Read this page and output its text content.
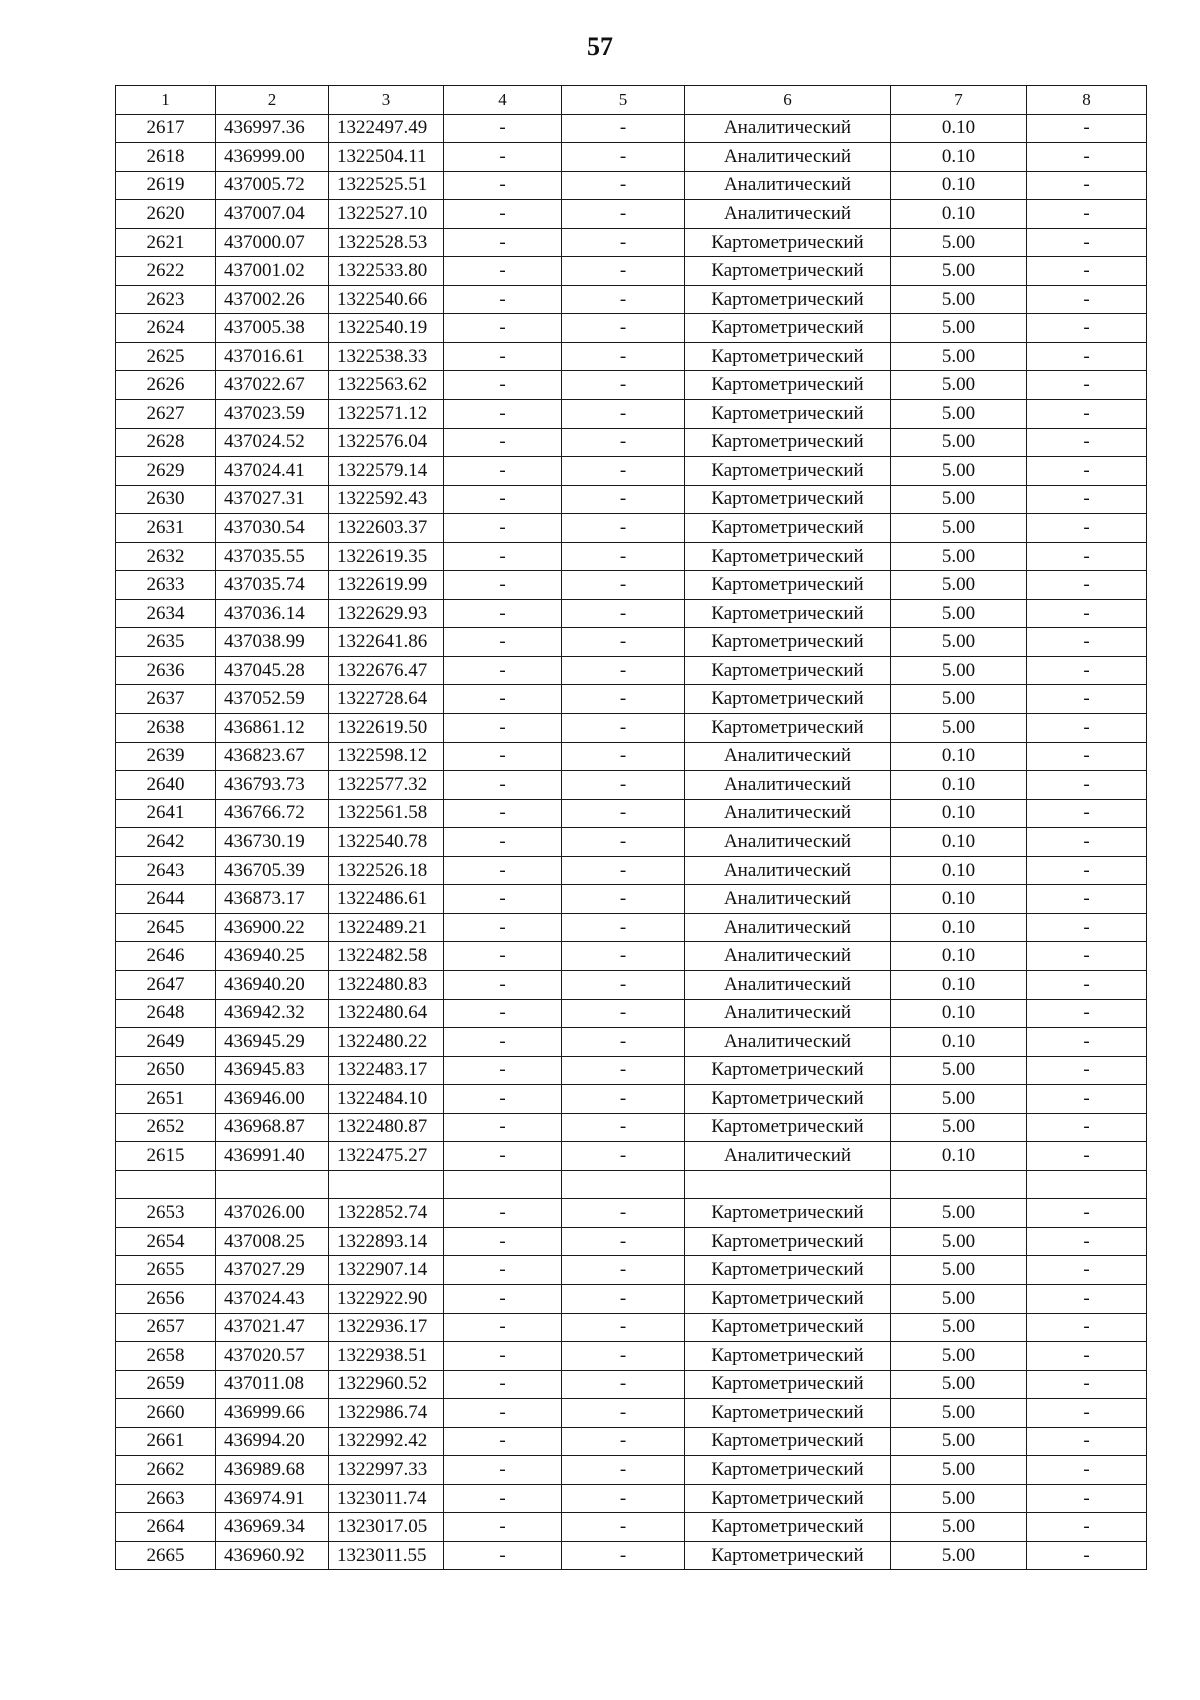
57
1	2	3	4	5	6	7	8
2617	436997.36	1322497.49	-	-	Аналитический	0.10	-
2618	436999.00	1322504.11	-	-	Аналитический	0.10	-
2619	437005.72	1322525.51	-	-	Аналитический	0.10	-
2620	437007.04	1322527.10	-	-	Аналитический	0.10	-
2621	437000.07	1322528.53	-	-	Картометрический	5.00	-
2622	437001.02	1322533.80	-	-	Картометрический	5.00	-
2623	437002.26	1322540.66	-	-	Картометрический	5.00	-
2624	437005.38	1322540.19	-	-	Картометрический	5.00	-
2625	437016.61	1322538.33	-	-	Картометрический	5.00	-
2626	437022.67	1322563.62	-	-	Картометрический	5.00	-
2627	437023.59	1322571.12	-	-	Картометрический	5.00	-
2628	437024.52	1322576.04	-	-	Картометрический	5.00	-
2629	437024.41	1322579.14	-	-	Картометрический	5.00	-
2630	437027.31	1322592.43	-	-	Картометрический	5.00	-
2631	437030.54	1322603.37	-	-	Картометрический	5.00	-
2632	437035.55	1322619.35	-	-	Картометрический	5.00	-
2633	437035.74	1322619.99	-	-	Картометрический	5.00	-
2634	437036.14	1322629.93	-	-	Картометрический	5.00	-
2635	437038.99	1322641.86	-	-	Картометрический	5.00	-
2636	437045.28	1322676.47	-	-	Картометрический	5.00	-
2637	437052.59	1322728.64	-	-	Картометрический	5.00	-
2638	436861.12	1322619.50	-	-	Картометрический	5.00	-
2639	436823.67	1322598.12	-	-	Аналитический	0.10	-
2640	436793.73	1322577.32	-	-	Аналитический	0.10	-
2641	436766.72	1322561.58	-	-	Аналитический	0.10	-
2642	436730.19	1322540.78	-	-	Аналитический	0.10	-
2643	436705.39	1322526.18	-	-	Аналитический	0.10	-
2644	436873.17	1322486.61	-	-	Аналитический	0.10	-
2645	436900.22	1322489.21	-	-	Аналитический	0.10	-
2646	436940.25	1322482.58	-	-	Аналитический	0.10	-
2647	436940.20	1322480.83	-	-	Аналитический	0.10	-
2648	436942.32	1322480.64	-	-	Аналитический	0.10	-
2649	436945.29	1322480.22	-	-	Аналитический	0.10	-
2650	436945.83	1322483.17	-	-	Картометрический	5.00	-
2651	436946.00	1322484.10	-	-	Картометрический	5.00	-
2652	436968.87	1322480.87	-	-	Картометрический	5.00	-
2615	436991.40	1322475.27	-	-	Аналитический	0.10	-

2653	437026.00	1322852.74	-	-	Картометрический	5.00	-
2654	437008.25	1322893.14	-	-	Картометрический	5.00	-
2655	437027.29	1322907.14	-	-	Картометрический	5.00	-
2656	437024.43	1322922.90	-	-	Картометрический	5.00	-
2657	437021.47	1322936.17	-	-	Картометрический	5.00	-
2658	437020.57	1322938.51	-	-	Картометрический	5.00	-
2659	437011.08	1322960.52	-	-	Картометрический	5.00	-
2660	436999.66	1322986.74	-	-	Картометрический	5.00	-
2661	436994.20	1322992.42	-	-	Картометрический	5.00	-
2662	436989.68	1322997.33	-	-	Картометрический	5.00	-
2663	436974.91	1323011.74	-	-	Картометрический	5.00	-
2664	436969.34	1323017.05	-	-	Картометрический	5.00	-
2665	436960.92	1323011.55	-	-	Картометрический	5.00	-
